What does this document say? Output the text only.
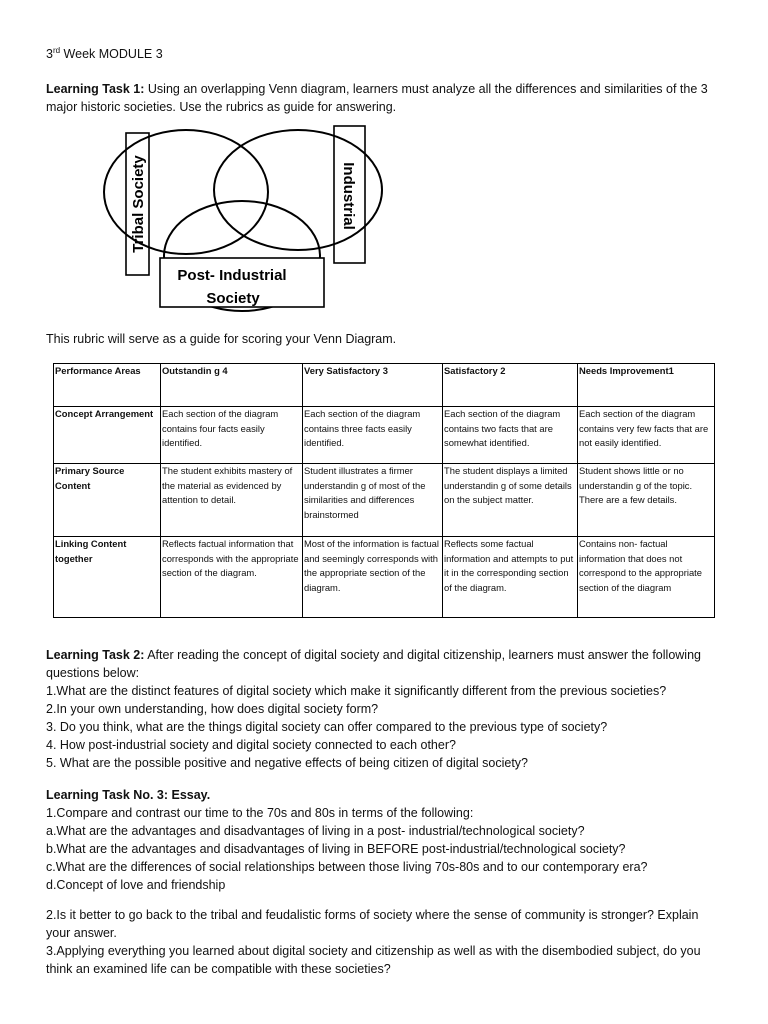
3rd Week MODULE 3

Learning Task 1: Using an overlapping Venn diagram, learners must analyze all the differences and similarities of the 3
major historic societies. Use the rubrics as guide for answering.

Tribal Society	Industrial
Post- Industrial
Society

This rubric will serve as a guide for scoring your Venn Diagram.

Performance Areas	Outstandin g 4	Very Satisfactory 3	Satisfactory 2	Needs Improvement1
Concept Arrangement	Each section of the diagram contains four facts easily identified.	Each section of the diagram contains three facts easily identified.	Each section of the diagram contains two facts that are somewhat identified.	Each section of the diagram contains very few facts that are not easily identified.
Primary Source Content	The student exhibits mastery of the material as evidenced by attention to detail.	Student illustrates a firmer understandin g of most of the similarities and differences brainstormed	The student displays a limited understandin g of some details on the subject matter.	Student shows little or no understandin g of the topic. There are a few details.
Linking Content together	Reflects factual information that corresponds with the appropriate section of the diagram.	Most of the information is factual and seemingly corresponds with the appropriate section of the diagram.	Reflects some factual information and attempts to put it in the corresponding section of the diagram.	Contains non- factual information that does not correspond to the appropriate section of the diagram
Learning Task 2: After reading the concept of digital society and digital citizenship, learners must answer the following
questions below:
1.What are the distinct features of digital society which make it significantly different from the previous societies?
2.In your own understanding, how does digital society form?
3. Do you think, what are the things digital society can offer compared to the previous type of society?
4. How post-industrial society and digital society connected to each other?
5. What are the possible positive and negative effects of being citizen of digital society?
Learning Task No. 3: Essay.
1.Compare and contrast our time to the 70s and 80s in terms of the following:
a.What are the advantages and disadvantages of living in a post- industrial/technological society?
b.What are the advantages and disadvantages of living in BEFORE post-industrial/technological society?
c.What are the differences of social relationships between those living 70s-80s and to our contemporary era?
d.Concept of love and friendship
2.Is it better to go back to the tribal and feudalistic forms of society where the sense of community is stronger? Explain
your answer.
3.Applying everything you learned about digital society and citizenship as well as with the disembodied subject, do you
think an examined life can be compatible with these societies?
